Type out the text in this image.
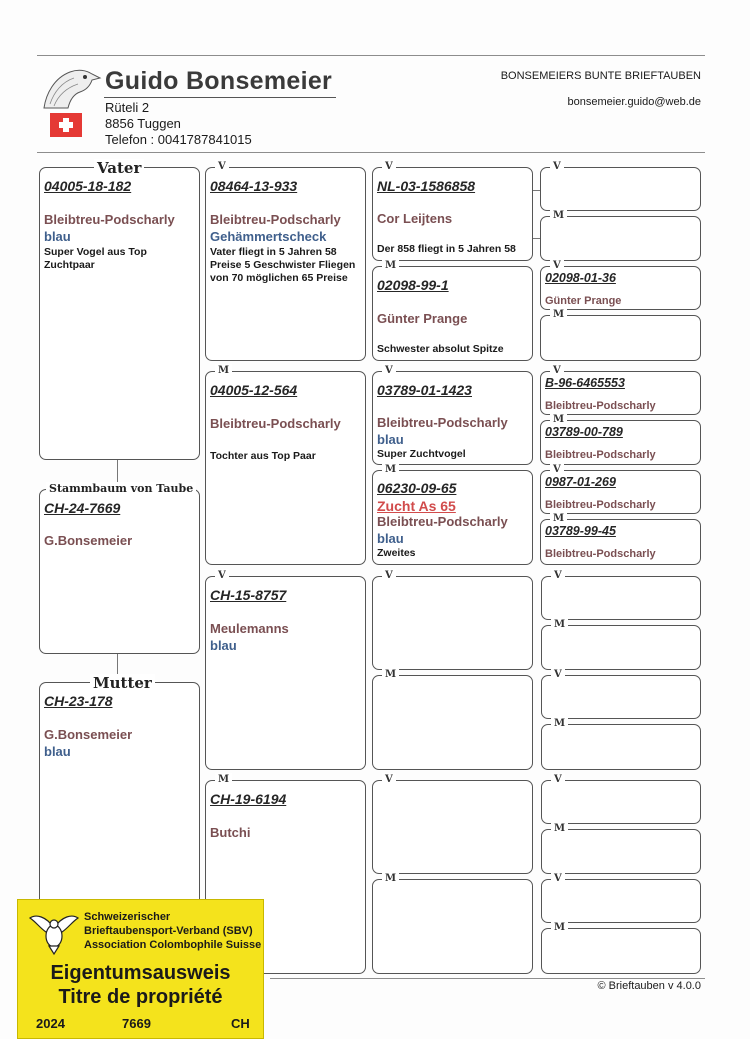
Guido Bonsemeier
Rüteli 2
8856 Tuggen
Telefon : 0041787841015
BONSEMEIERS BUNTE BRIEFTAUBEN
bonsemeier.guido@web.de
Vater
04005-18-182
Bleibtreu-Podscharly
blau
Super Vogel aus Top Zuchtpaar
Stammbaum von Taube
CH-24-7669
G.Bonsemeier
Mutter
CH-23-178
G.Bonsemeier
blau
V
08464-13-933
Bleibtreu-Podscharly
Gehämmertscheck
Vater fliegt in 5 Jahren 58 Preise 5 Geschwister Fliegen von 70 möglichen 65 Preise
M
04005-12-564
Bleibtreu-Podscharly
Tochter aus Top Paar
V
CH-15-8757
Meulemanns
blau
M
CH-19-6194
Butchi
V
NL-03-1586858
Cor Leijtens
Der 858 fliegt in 5 Jahren 58
M
02098-99-1
Günter Prange
Schwester absolut Spitze
V
03789-01-1423
Bleibtreu-Podscharly
blau
Super Zuchtvogel
M
06230-09-65
Zucht As 65
Bleibtreu-Podscharly
blau
Zweites
V
M
V
M
V
M
V
02098-01-36
Günter Prange
M
V
B-96-6465553
Bleibtreu-Podscharly
M
03789-00-789
Bleibtreu-Podscharly
V
0987-01-269
Bleibtreu-Podscharly
M
03789-99-45
Bleibtreu-Podscharly
V
M
V
M
V
M
V
M
© Brieftauben v 4.0.0
Schweizerischer
Brieftaubensport-Verband (SBV)
Association Colombophile Suisse
Eigentumsausweis
Titre de propriété
2024	7669	CH
